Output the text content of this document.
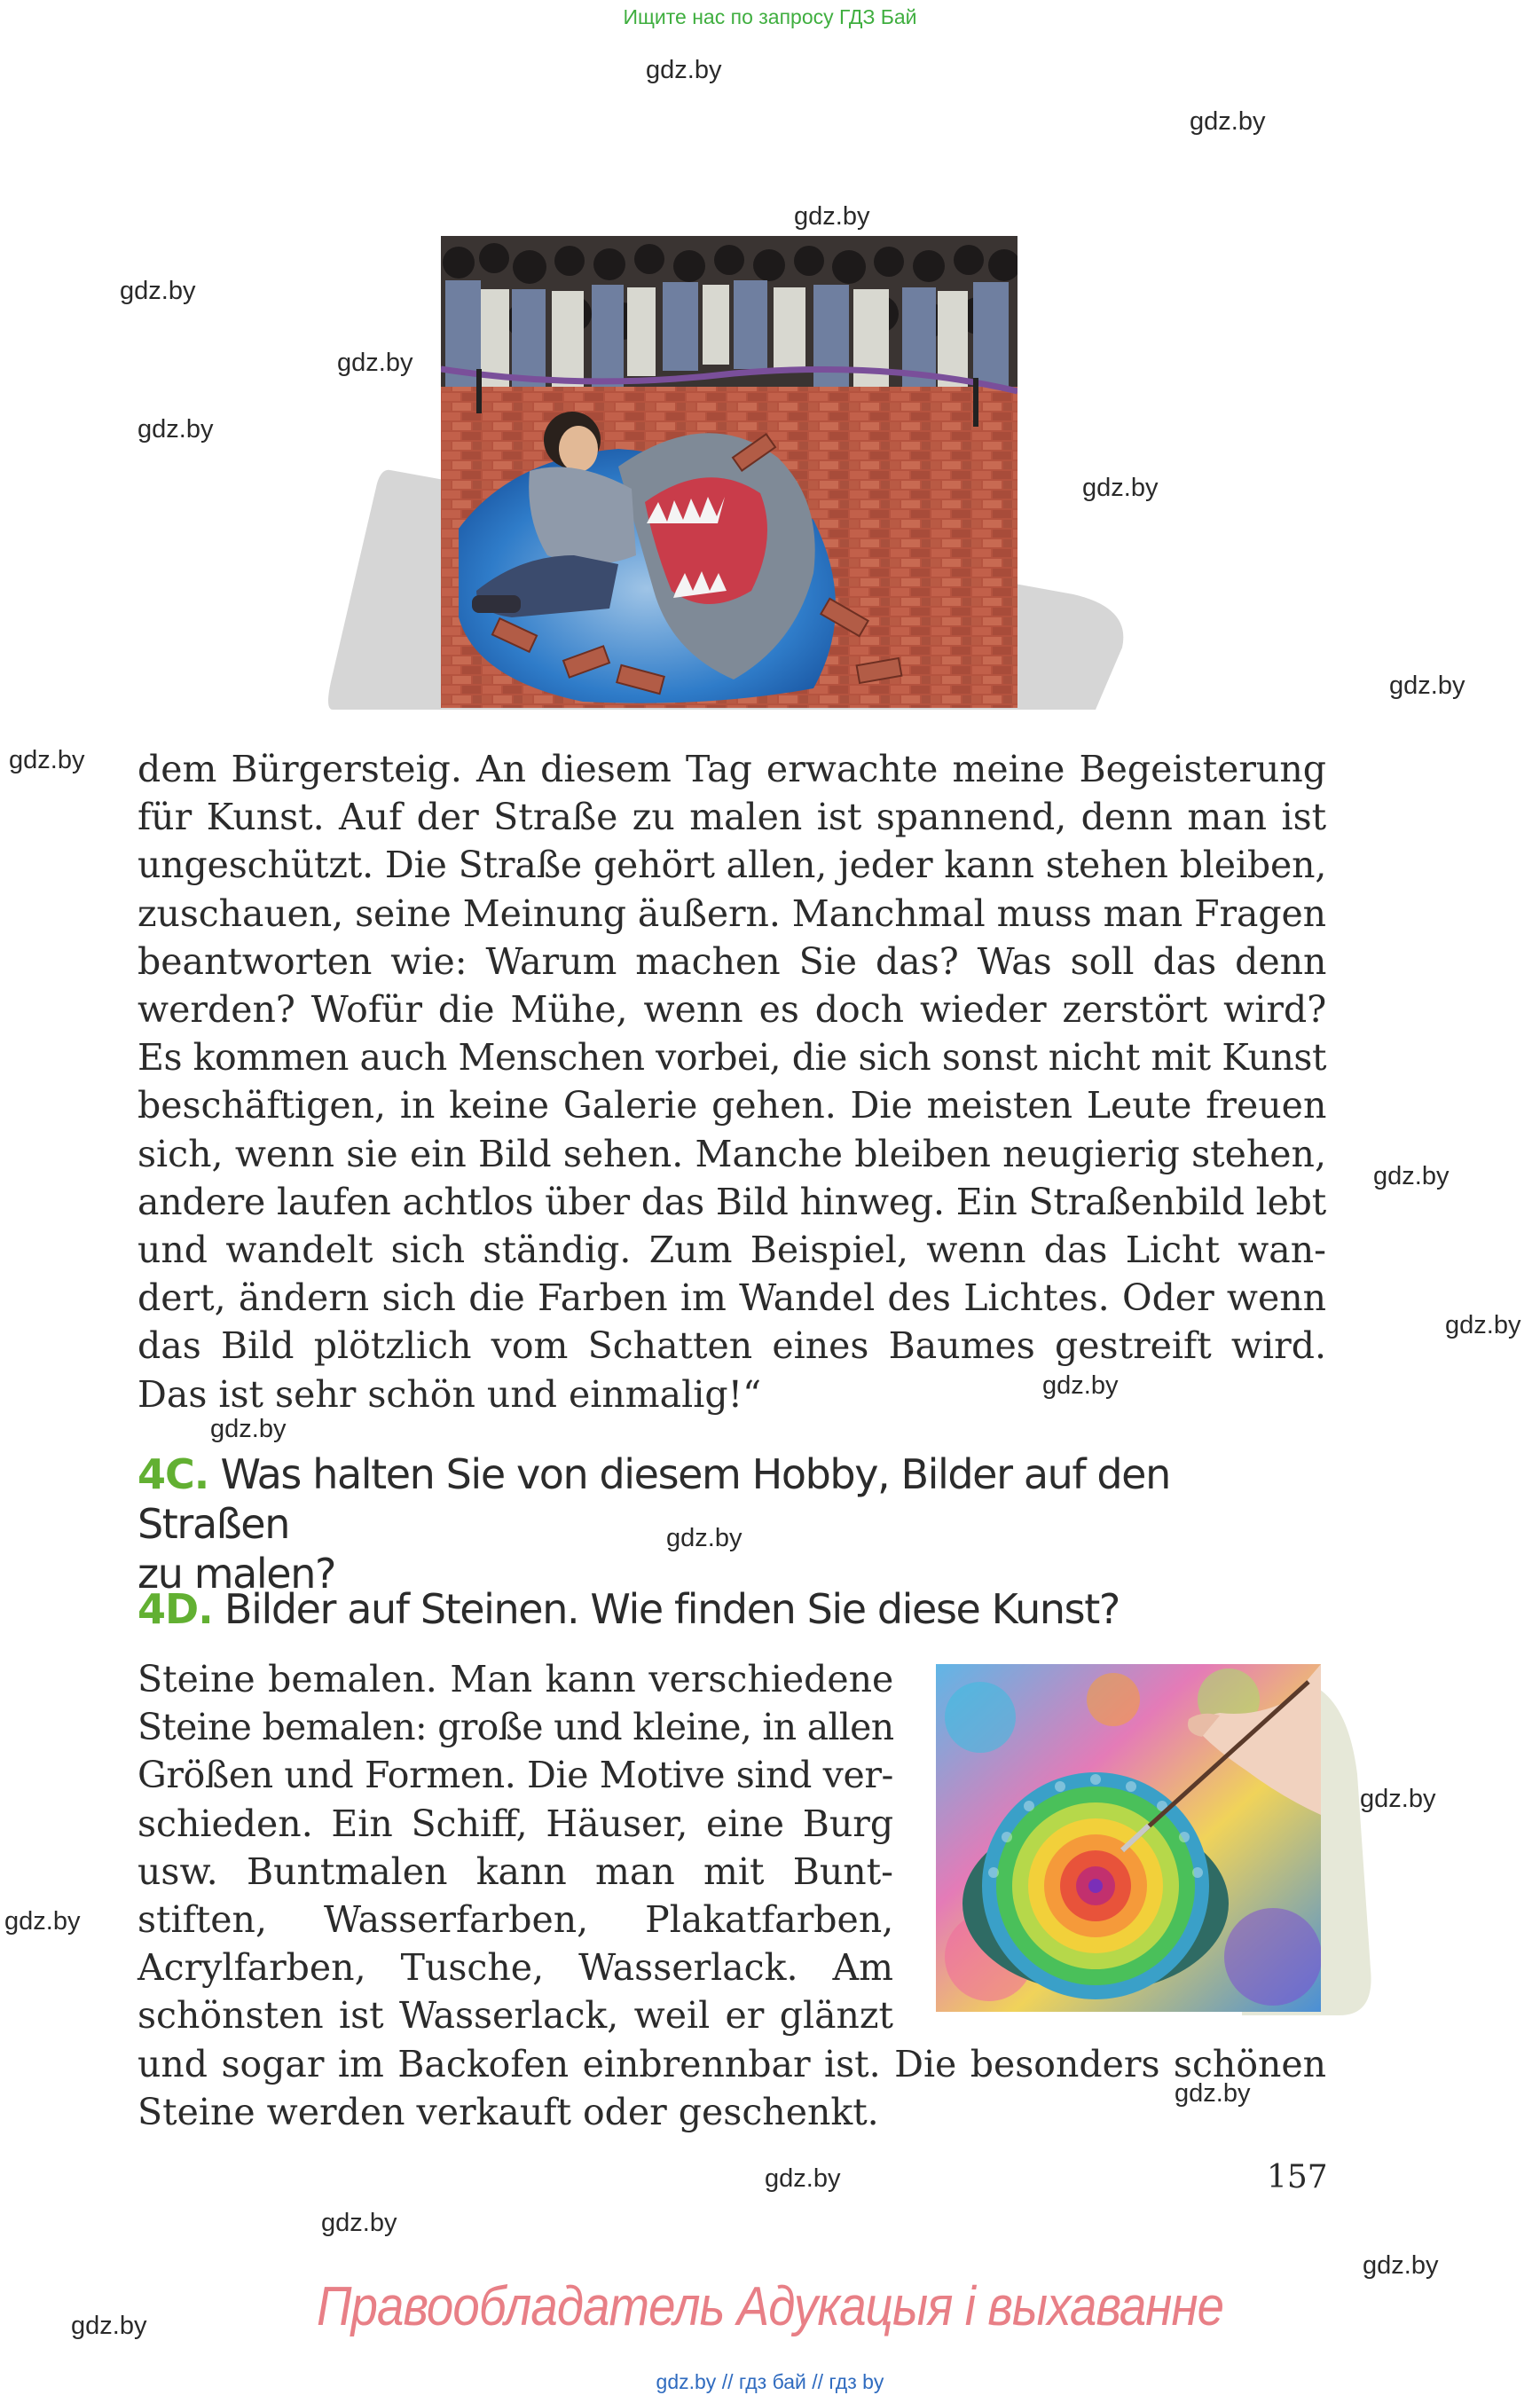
Ищите нас по запросу ГДЗ Бай
dem Bürgersteig. An diesem Tag erwachte meine Begeisterung
für Kunst. Auf der Straße zu malen ist spannend, denn man ist
ungeschützt. Die Straße gehört allen, jeder kann stehen bleiben,
zuschauen, seine Meinung äußern. Manchmal muss man Fragen
beantworten wie: Warum machen Sie das? Was soll das denn
werden? Wofür die Mühe, wenn es doch wieder zerstört wird?
Es kommen auch Menschen vorbei, die sich sonst nicht mit Kunst
beschäftigen, in keine Galerie gehen. Die meisten Leute freuen
sich, wenn sie ein Bild sehen. Manche bleiben neugierig stehen,
andere laufen achtlos über das Bild hinweg. Ein Straßenbild lebt
und wandelt sich ständig. Zum Beispiel, wenn das Licht wan-
dert, ändern sich die Farben im Wandel des Lichtes. Oder wenn
das Bild plötzlich vom Schatten eines Baumes gestreift wird.
Das ist sehr schön und einmalig!“
4C. Was halten Sie von diesem Hobby, Bilder auf den Straßen
zu malen?
4D. Bilder auf Steinen. Wie finden Sie diese Kunst?
Steine bemalen. Man kann verschiedene
Steine bemalen: große und kleine, in allen
Größen und Formen. Die Motive sind ver-
schieden. Ein Schiff, Häuser, eine Burg
usw. Buntmalen kann man mit Bunt-
stiften, Wasserfarben, Plakatfarben,
Acrylfarben, Tusche, Wasserlack. Am
schönsten ist Wasserlack, weil er glänzt
und sogar im Backofen einbrennbar ist. Die besonders schönen
Steine werden verkauft oder geschenkt.
157
gdz.by
gdz.by
gdz.by
gdz.by
gdz.by
gdz.by
gdz.by
gdz.by
gdz.by
gdz.by
gdz.by
gdz.by
gdz.by
gdz.by
gdz.by
gdz.by
gdz.by
gdz.by
gdz.by
gdz.by
gdz.by	Правообладатель Адукацыя і выхаванне
gdz.by // гдз бай // гдз by
